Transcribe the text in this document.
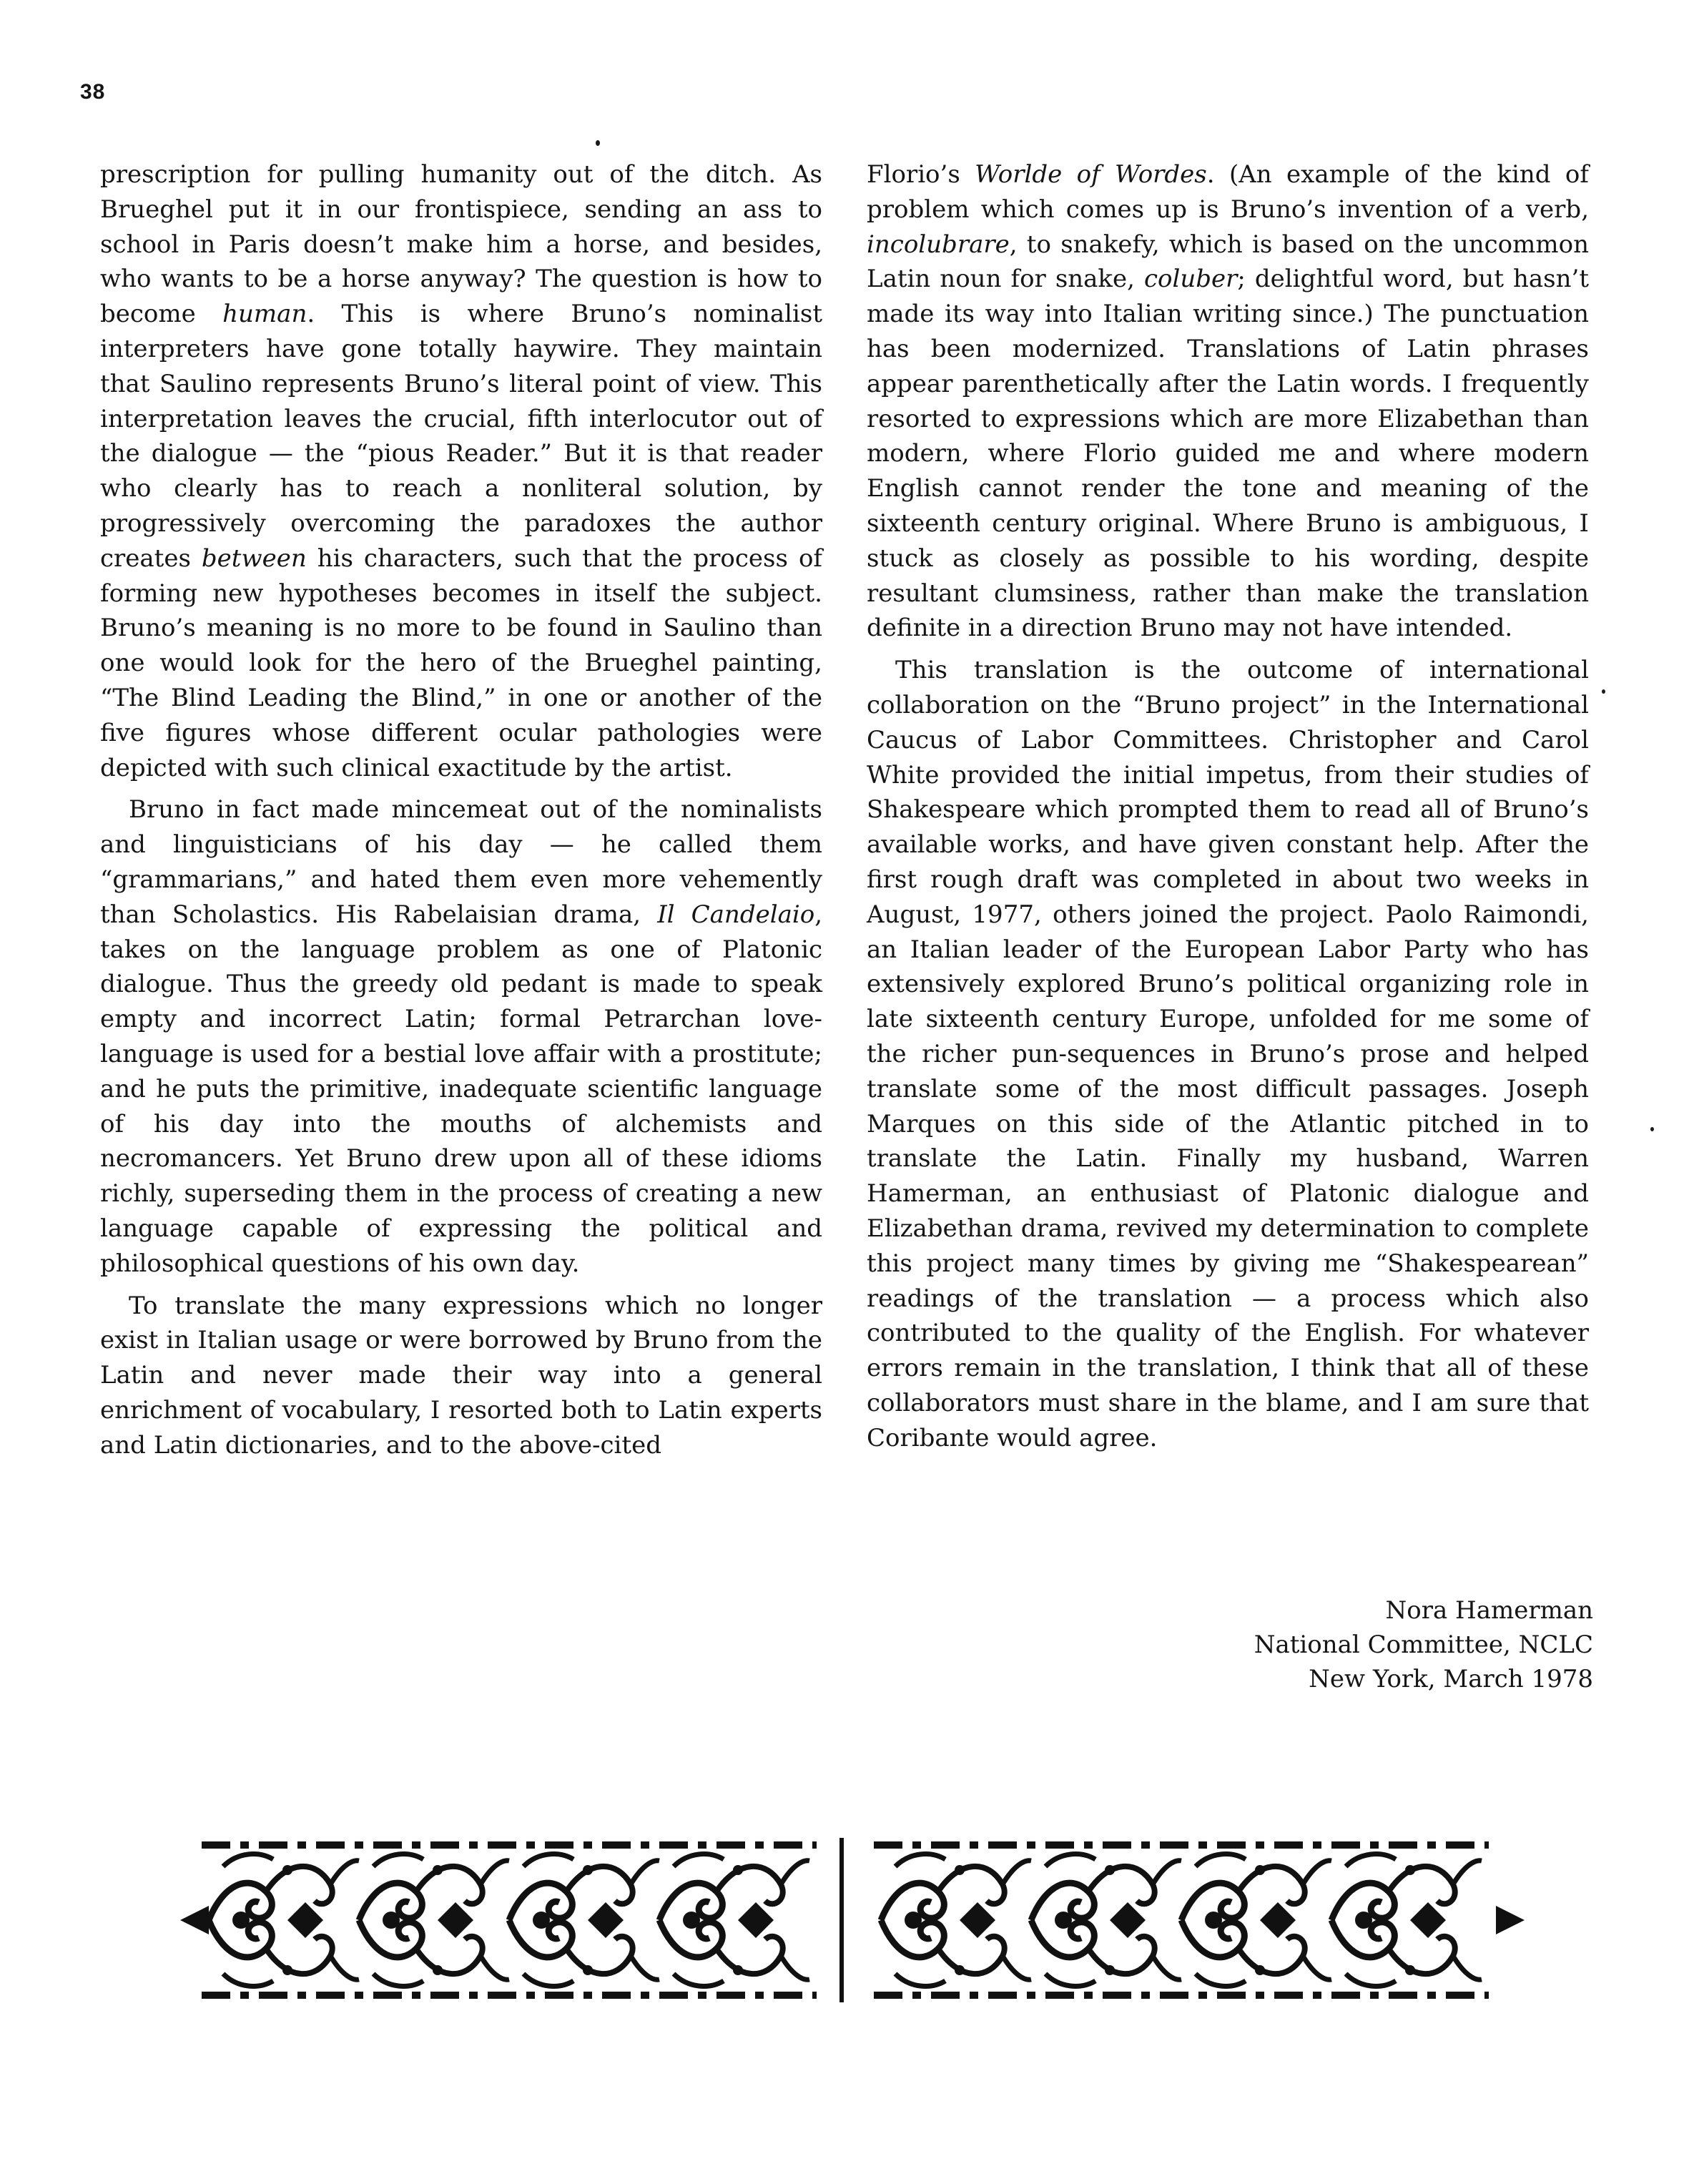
38

prescription for pulling humanity out of the ditch. As Brueghel put it in our frontispiece, sending an ass to school in Paris doesn’t make him a horse, and besides, who wants to be a horse anyway? The question is how to become human. This is where Bruno’s nominalist interpreters have gone totally haywire. They maintain that Saulino represents Bruno’s literal point of view. This interpretation leaves the crucial, fifth interlocutor out of the dialogue — the “pious Reader.” But it is that reader who clearly has to reach a nonliteral solution, by progressively overcoming the paradoxes the author creates between his characters, such that the process of forming new hypotheses becomes in itself the subject. Bruno’s meaning is no more to be found in Saulino than one would look for the hero of the Brueghel painting, “The Blind Leading the Blind,” in one or another of the five figures whose different ocular pathologies were depicted with such clinical exactitude by the artist.

Bruno in fact made mincemeat out of the nominalists and linguisticians of his day — he called them “grammarians,” and hated them even more vehemently than Scholastics. His Rabelaisian drama, Il Candelaio, takes on the language problem as one of Platonic dialogue. Thus the greedy old pedant is made to speak empty and incorrect Latin; formal Petrarchan love-language is used for a bestial love affair with a prostitute; and he puts the primitive, inadequate scientific language of his day into the mouths of alchemists and necromancers. Yet Bruno drew upon all of these idioms richly, superseding them in the process of creating a new language capable of expressing the political and philosophical questions of his own day.

To translate the many expressions which no longer exist in Italian usage or were borrowed by Bruno from the Latin and never made their way into a general enrichment of vocabulary, I resorted both to Latin experts and Latin dictionaries, and to the above-cited

Florio’s Worlde of Wordes. (An example of the kind of problem which comes up is Bruno’s invention of a verb, incolubrare, to snakefy, which is based on the uncommon Latin noun for snake, coluber; delightful word, but hasn’t made its way into Italian writing since.) The punctuation has been modernized. Translations of Latin phrases appear parenthetically after the Latin words. I frequently resorted to expressions which are more Elizabethan than modern, where Florio guided me and where modern English cannot render the tone and meaning of the sixteenth century original. Where Bruno is ambiguous, I stuck as closely as possible to his wording, despite resultant clumsiness, rather than make the translation definite in a direction Bruno may not have intended.

This translation is the outcome of international collaboration on the “Bruno project” in the International Caucus of Labor Committees. Christopher and Carol White provided the initial impetus, from their studies of Shakespeare which prompted them to read all of Bruno’s available works, and have given constant help. After the first rough draft was completed in about two weeks in August, 1977, others joined the project. Paolo Raimondi, an Italian leader of the European Labor Party who has extensively explored Bruno’s political organizing role in late sixteenth century Europe, unfolded for me some of the richer pun-sequences in Bruno’s prose and helped translate some of the most difficult passages. Joseph Marques on this side of the Atlantic pitched in to translate the Latin. Finally my husband, Warren Hamerman, an enthusiast of Platonic dialogue and Elizabethan drama, revived my determination to complete this project many times by giving me “Shakespearean” readings of the translation — a process which also contributed to the quality of the English. For whatever errors remain in the translation, I think that all of these collaborators must share in the blame, and I am sure that Coribante would agree.

Nora Hamerman
National Committee, NCLC
New York, March 1978
